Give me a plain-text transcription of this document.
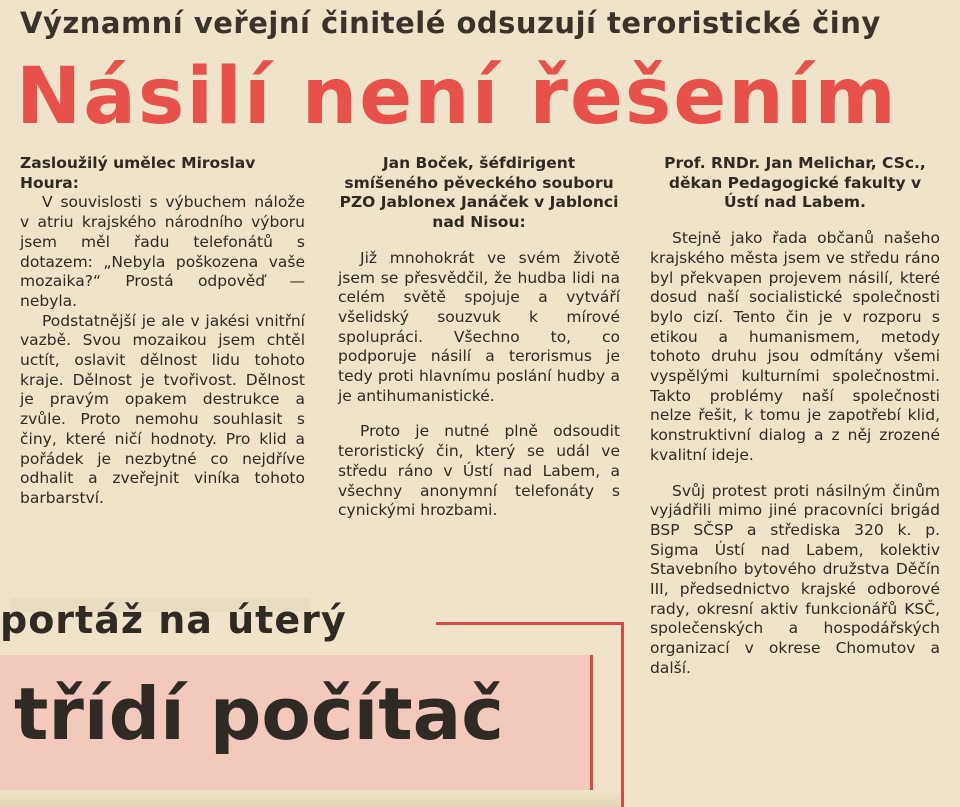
Významní veřejní činitelé odsuzují teroristické činy
Násilí není řešením

Zasloužilý umělec Miroslav Houra:

V souvislosti s výbuchem nálože v atriu krajského národního výboru jsem měl řadu telefonátů s dotazem: „Nebyla poškozena vaše mozaika?“ Prostá odpověď — nebyla.

Podstatnější je ale v jakési vnitřní vazbě. Svou mozaikou jsem chtěl uctít, oslavit dělnost lidu tohoto kraje. Dělnost je tvořivost. Dělnost je pravým opakem destrukce a zvůle. Proto nemohu souhlasit s činy, které ničí hodnoty. Pro klid a pořádek je nezbytné co nejdříve odhalit a zveřejnit viníka tohoto barbarství.

Jan Boček, šéfdirigent smíšeného pěveckého souboru PZO Jablonex Janáček v Jablonci nad Nisou:

Již mnohokrát ve svém životě jsem se přesvědčil, že hudba lidi na celém světě spojuje a vytváří všelidský souzvuk k mírové spolupráci. Všechno to, co podporuje násilí a terorismus je tedy proti hlavnímu poslání hudby a je antihumanistické.

Proto je nutné plně odsoudit teroristický čin, který se udál ve středu ráno v Ústí nad Labem, a všechny anonymní telefonáty s cynickými hrozbami.

Prof. RNDr. Jan Melichar, CSc., děkan Pedagogické fakulty v Ústí nad Labem.

Stejně jako řada občanů našeho krajského města jsem ve středu ráno byl překvapen projevem násilí, které dosud naší socialistické společnosti bylo cizí. Tento čin je v rozporu s etikou a humanismem, metody tohoto druhu jsou odmítány všemi vyspělými kulturními společnostmi. Takto problémy naší společnosti nelze řešit, k tomu je zapotřebí klid, konstruktivní dialog a z něj zrozené kvalitní ideje.

Svůj protest proti násilným činům vyjádřili mimo jiné pracovníci brigád BSP SČSP a střediska 320 k. p. Sigma Ústí nad Labem, kolektiv Stavebního bytového družstva Děčín III, předsednictvo krajské odborové rady, okresní aktiv funkcionářů KSČ, společenských a hospodářských organizací v okrese Chomutov a další.

portáž na úterý
třídí počítač
